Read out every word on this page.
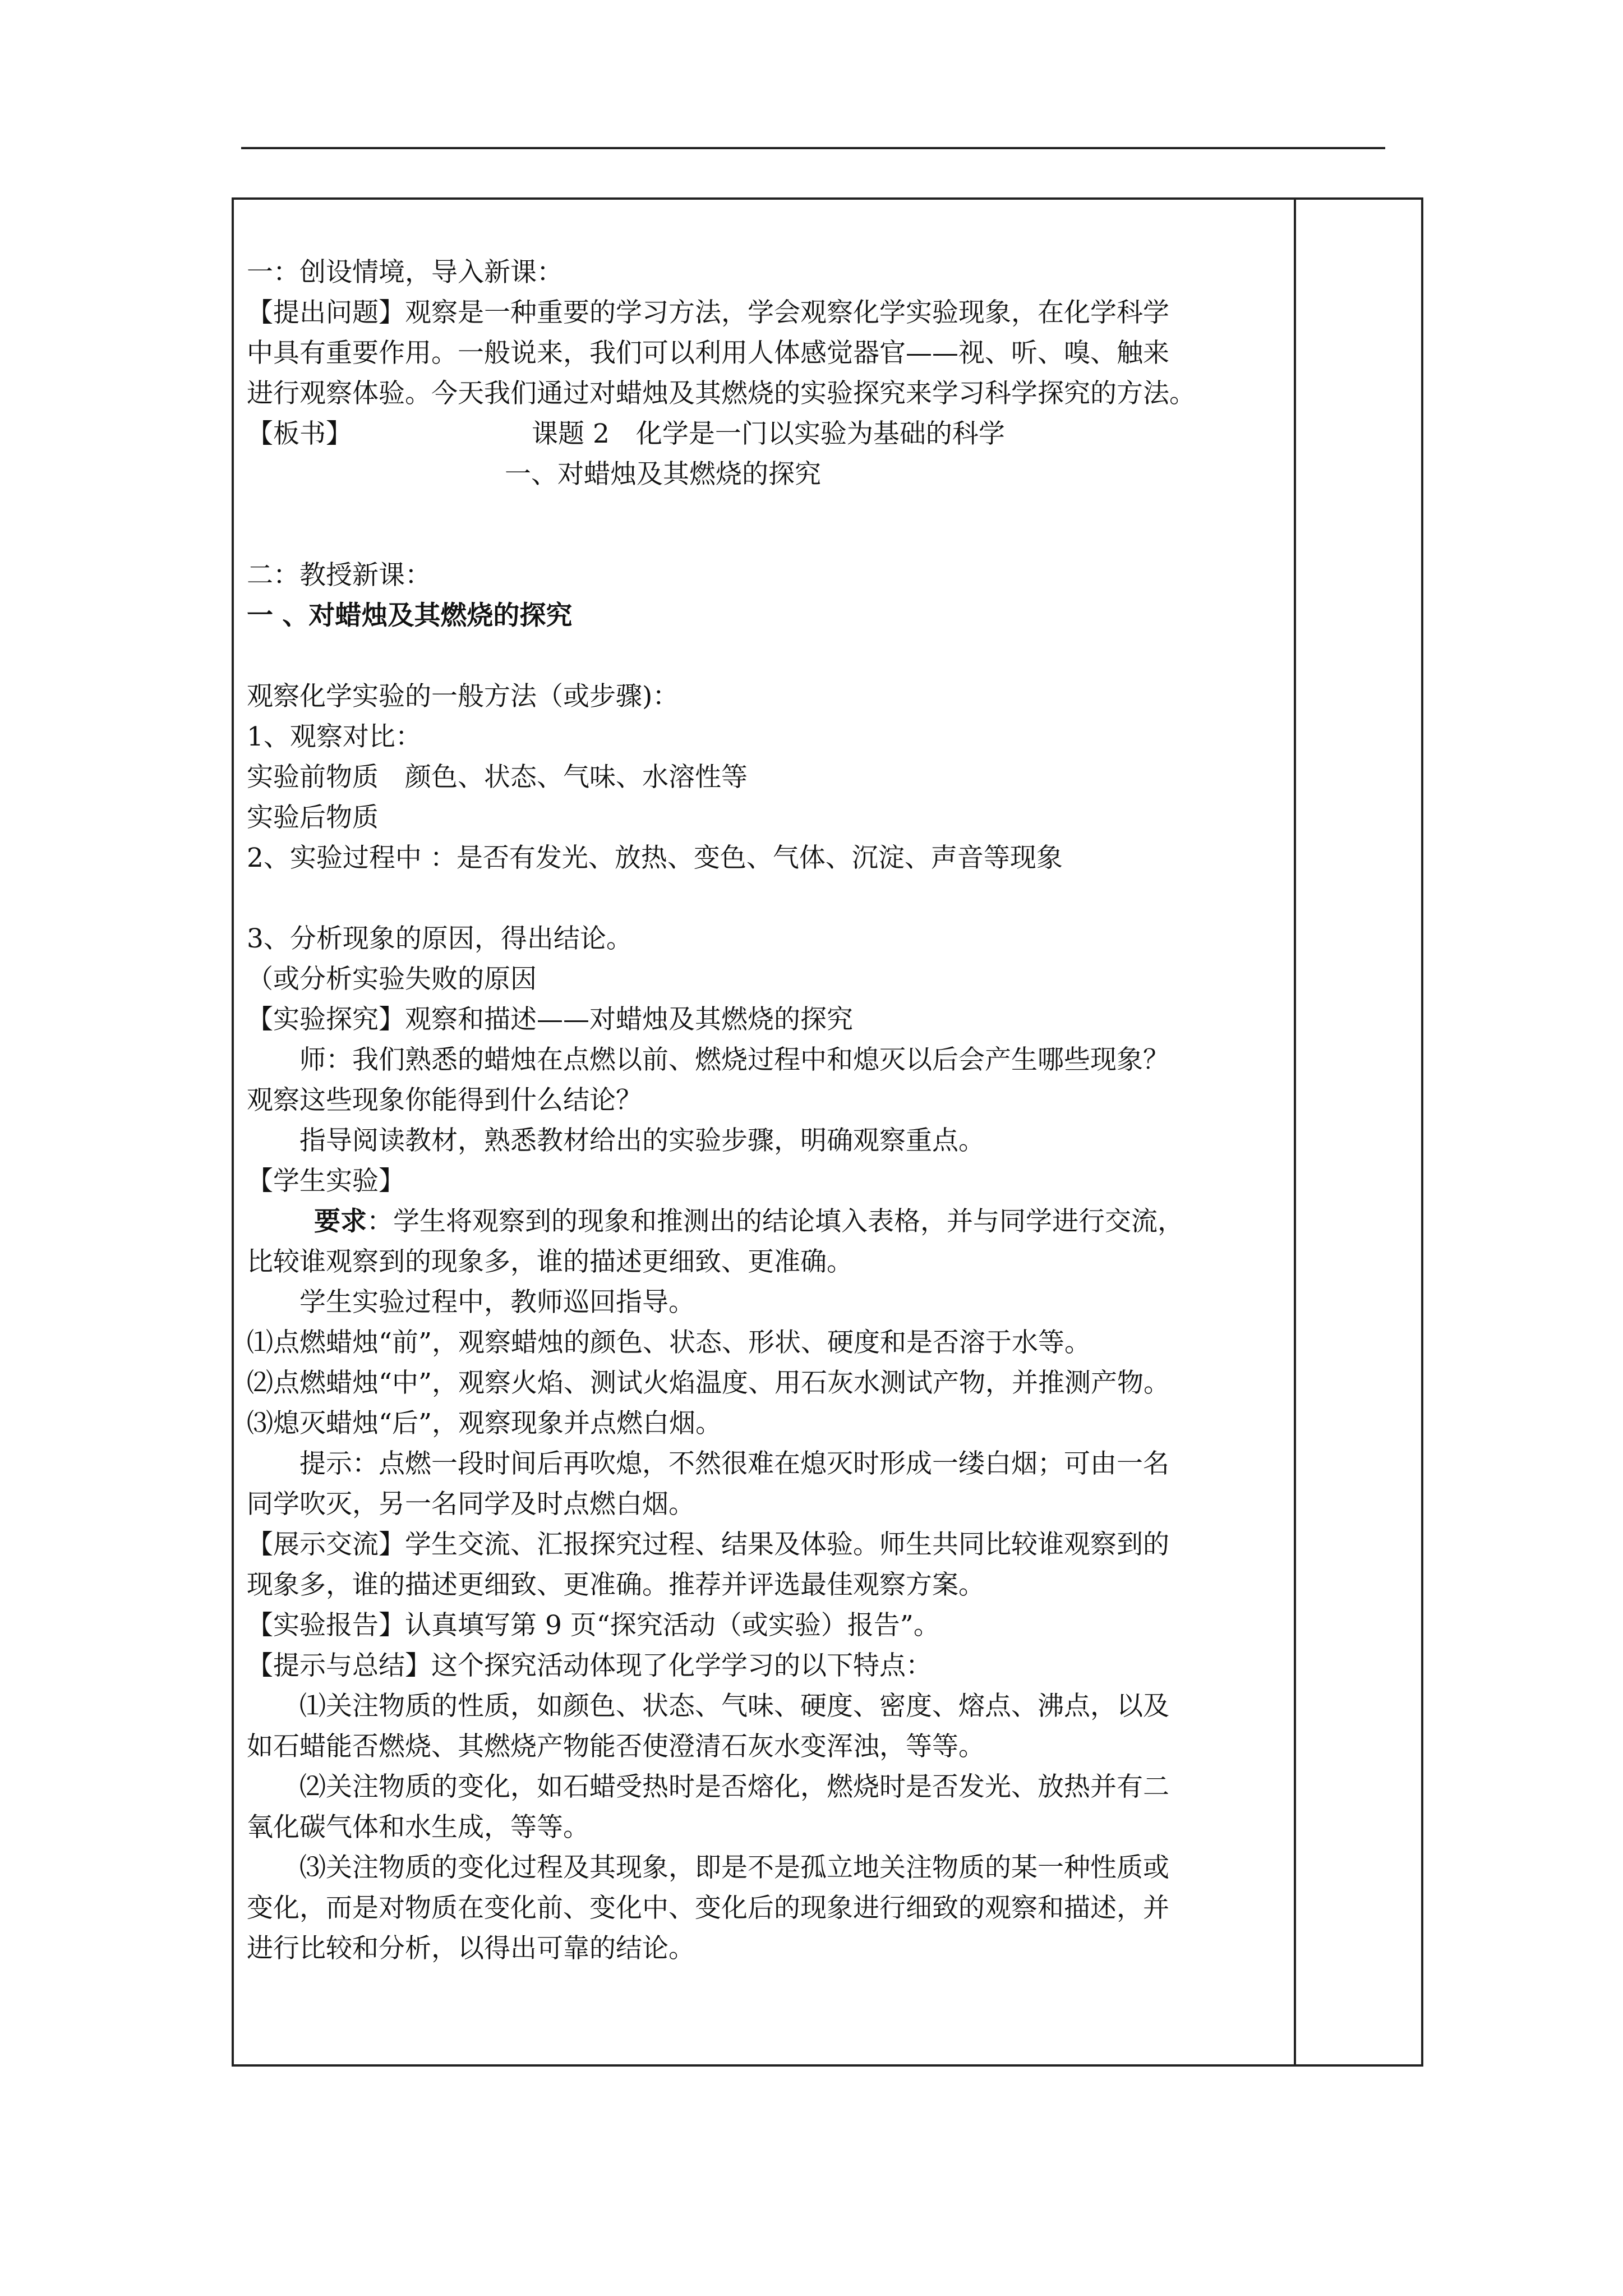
一：创设情境，导入新课：
【提出问题】观察是一种重要的学习方法，学会观察化学实验现象，在化学科学
中具有重要作用。一般说来，我们可以利用人体感觉器官——视、听、嗅、触来
进行观察体验。今天我们通过对蜡烛及其燃烧的实验探究来学习科学探究的方法。
【板书】	课题 2　化学是一门以实验为基础的科学
一、对蜡烛及其燃烧的探究
二：教授新课：
一 、对蜡烛及其燃烧的探究
观察化学实验的一般方法（或步骤)：
1、观察对比：
实验前物质　颜色、状态、气味、水溶性等
实验后物质
2、实验过程中 ：是否有发光、放热、变色、气体、沉淀、声音等现象
3、分析现象的原因，得出结论。
（或分析实验失败的原因
【实验探究】观察和描述——对蜡烛及其燃烧的探究
师：我们熟悉的蜡烛在点燃以前、燃烧过程中和熄灭以后会产生哪些现象？
观察这些现象你能得到什么结论？
指导阅读教材，熟悉教材给出的实验步骤，明确观察重点。
【学生实验】
要求：学生将观察到的现象和推测出的结论填入表格，并与同学进行交流，
比较谁观察到的现象多，谁的描述更细致、更准确。
学生实验过程中，教师巡回指导。
⑴点燃蜡烛“前”，观察蜡烛的颜色、状态、形状、硬度和是否溶于水等。
⑵点燃蜡烛“中”，观察火焰、测试火焰温度、用石灰水测试产物，并推测产物。
⑶熄灭蜡烛“后”，观察现象并点燃白烟。
提示：点燃一段时间后再吹熄，不然很难在熄灭时形成一缕白烟；可由一名
同学吹灭，另一名同学及时点燃白烟。
【展示交流】学生交流、汇报探究过程、结果及体验。师生共同比较谁观察到的
现象多，谁的描述更细致、更准确。推荐并评选最佳观察方案。
【实验报告】认真填写第 9 页“探究活动（或实验）报告”。
【提示与总结】这个探究活动体现了化学学习的以下特点：
⑴关注物质的性质，如颜色、状态、气味、硬度、密度、熔点、沸点，以及
如石蜡能否燃烧、其燃烧产物能否使澄清石灰水变浑浊，等等。
⑵关注物质的变化，如石蜡受热时是否熔化，燃烧时是否发光、放热并有二
氧化碳气体和水生成，等等。
⑶关注物质的变化过程及其现象，即是不是孤立地关注物质的某一种性质或
变化，而是对物质在变化前、变化中、变化后的现象进行细致的观察和描述，并
进行比较和分析，以得出可靠的结论。
